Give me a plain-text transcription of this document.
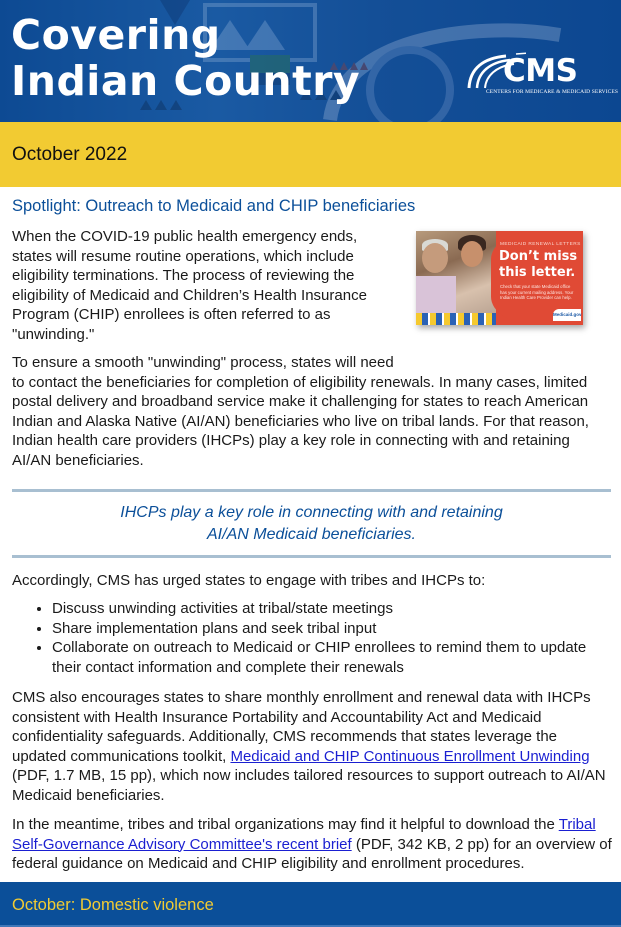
Covering
Indian Country	CMS
CENTERS FOR MEDICARE & MEDICAID SERVICES
October 2022
Spotlight: Outreach to Medicaid and CHIP beneficiaries
When the COVID-19 public health emergency ends, states will resume routine operations, which include eligibility terminations. The process of reviewing the eligibility of Medicaid and Children’s Health Insurance Program (CHIP) enrollees is often referred to as "unwinding."
MEDICAID RENEWAL LETTERS
Don’t miss
this letter.
Check that your state Medicaid office has your current mailing address. Your Indian Health Care Provider can help.
Medicaid.gov
To ensure a smooth "unwinding" process, states will need
to contact the beneficiaries for completion of eligibility renewals. In many cases, limited postal delivery and broadband service make it challenging for states to reach American Indian and Alaska Native (AI/AN) beneficiaries who live on tribal lands. For that reason, Indian health care providers (IHCPs) play a key role in connecting with and retaining AI/AN beneficiaries.
IHCPs play a key role in connecting with and retaining
AI/AN Medicaid beneficiaries.
Accordingly, CMS has urged states to engage with tribes and IHCPs to:
• Discuss unwinding activities at tribal/state meetings
• Share implementation plans and seek tribal input
• Collaborate on outreach to Medicaid or CHIP enrollees to remind them to update their contact information and complete their renewals
CMS also encourages states to share monthly enrollment and renewal data with IHCPs consistent with Health Insurance Portability and Accountability Act and Medicaid confidentiality safeguards. Additionally, CMS recommends that states leverage the updated communications toolkit, Medicaid and CHIP Continuous Enrollment Unwinding (PDF, 1.7 MB, 15 pp), which now includes tailored resources to support outreach to AI/AN Medicaid beneficiaries.
In the meantime, tribes and tribal organizations may find it helpful to download the Tribal Self-Governance Advisory Committee's recent brief (PDF, 342 KB, 2 pp) for an overview of federal guidance on Medicaid and CHIP eligibility and enrollment procedures.
October: Domestic violence
